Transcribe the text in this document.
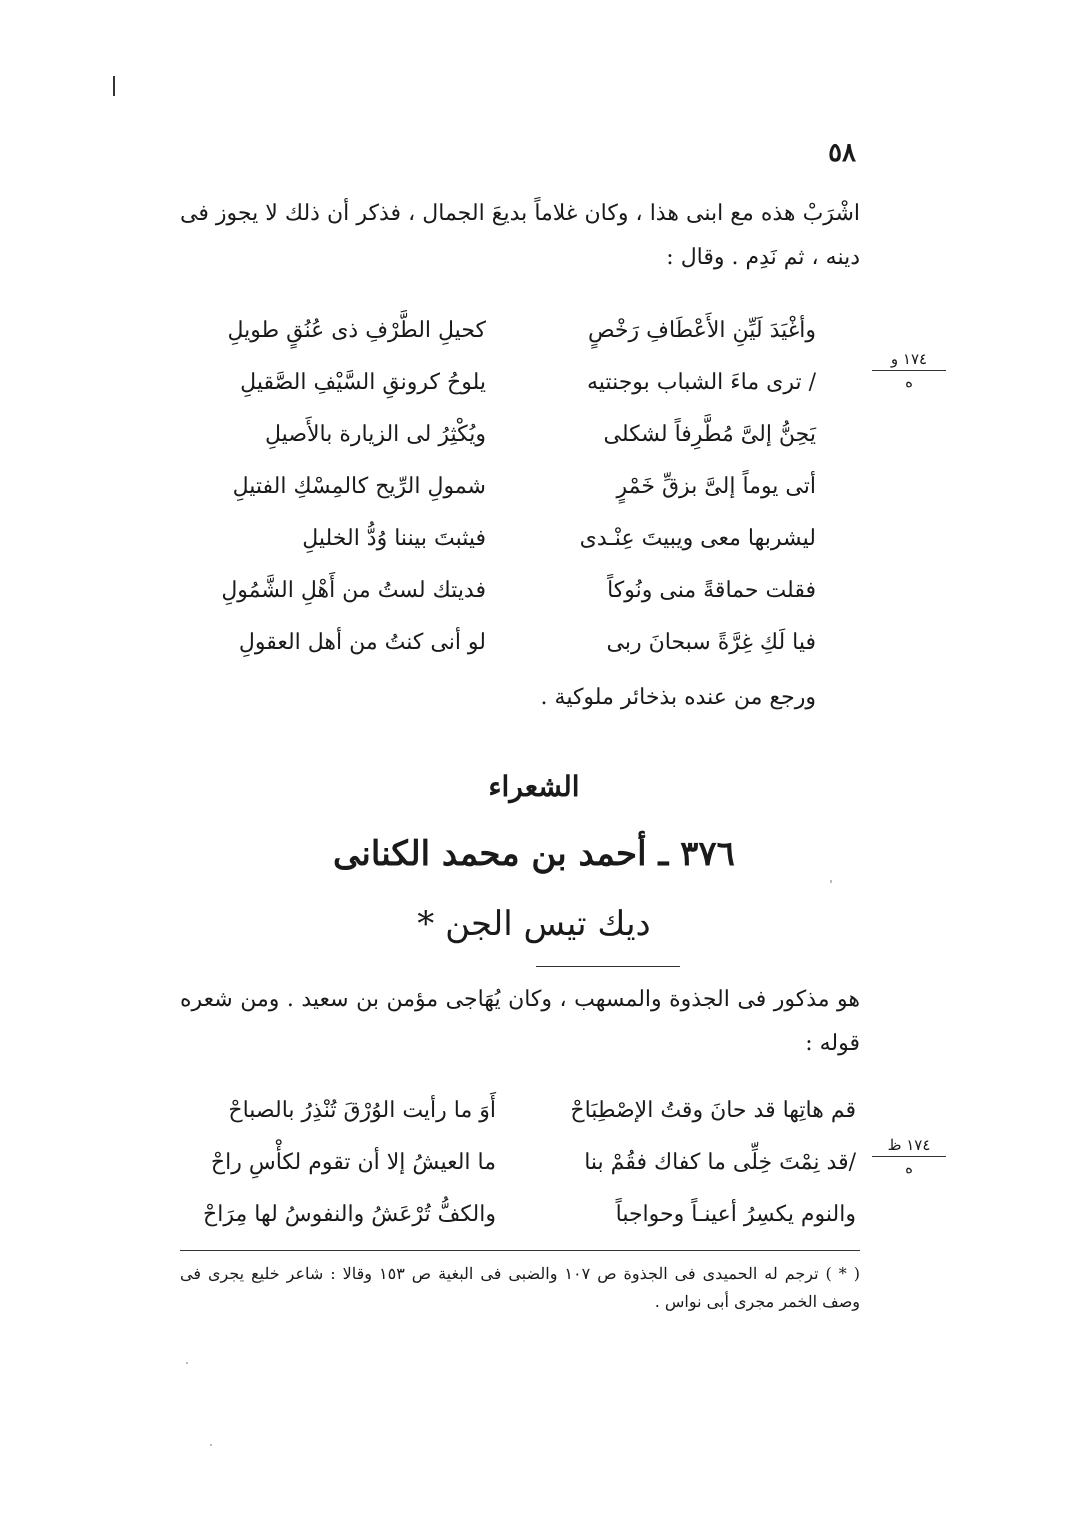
٥٨
اشْرَبْ هذه مع ابنى هذا ، وكان غلاماً بديعَ الجمال ، فذكر أن ذلك لا يجوز فى دينه ، ثم نَدِم . وقال :
وأغْيَدَ لَيِّنِ الأَعْطَافِ رَخْصٍ
كحيلِ الطَّرْفِ ذى عُنُقٍ طويلِ
/ ترى ماءَ الشباب بوجنتيه
يلوحُ كرونقِ السَّيْفِ الصَّقيلِ
يَحِنُّ إلىَّ مُطَّرِفاً لشكلى
ويُكْثِرُ لى الزيارة بالأَصيلِ
أتى يوماً إلىَّ بزقِّ خَمْرٍ
شمولِ الرِّيح كالمِسْكِ الفتيلِ
ليشربها معى ويبيتَ عِنْـدى
فيثبتَ بيننا وُدُّ الخليلِ
فقلت حماقةً منى ونُوكاً
فديتك لستُ من أَهْلِ الشَّمُولِ
فيا لَكِ غِرَّةً سبحانَ ربى
لو أنى كنتُ من أهل العقولِ
١٧٤ و
ه
ورجع من عنده بذخائر ملوكية .
الشعراء
٣٧٦ ـ أحمد بن محمد الكنانى
ديك تيس الجن *
هو مذكور فى الجذوة والمسهب ، وكان يُهَاجى مؤمن بن سعيد . ومن شعره قوله :
قم هاتِها قد حانَ وقتُ الإصْطِبَاحْ
أَوَ ما رأيت الوُرْقَ تُنْذِرُ بالصباحْ
/قد نِمْتَ خِلِّى ما كفاك فقُمْ بنا
ما العيشُ إلا أن تقوم لكأْسِ راحْ
والنوم يكسِرُ أعينـاً وحواجباً
والكفُّ تُرْعَشُ والنفوسُ لها مِرَاحْ
١٧٤ ظ
ه
( * ) ترجم له الحميدى فى الجذوة ص ١٠٧ والضبى فى البغية ص ١٥٣ وقالا : شاعر خليع يجرى فى وصف الخمر مجرى أبى نواس .
